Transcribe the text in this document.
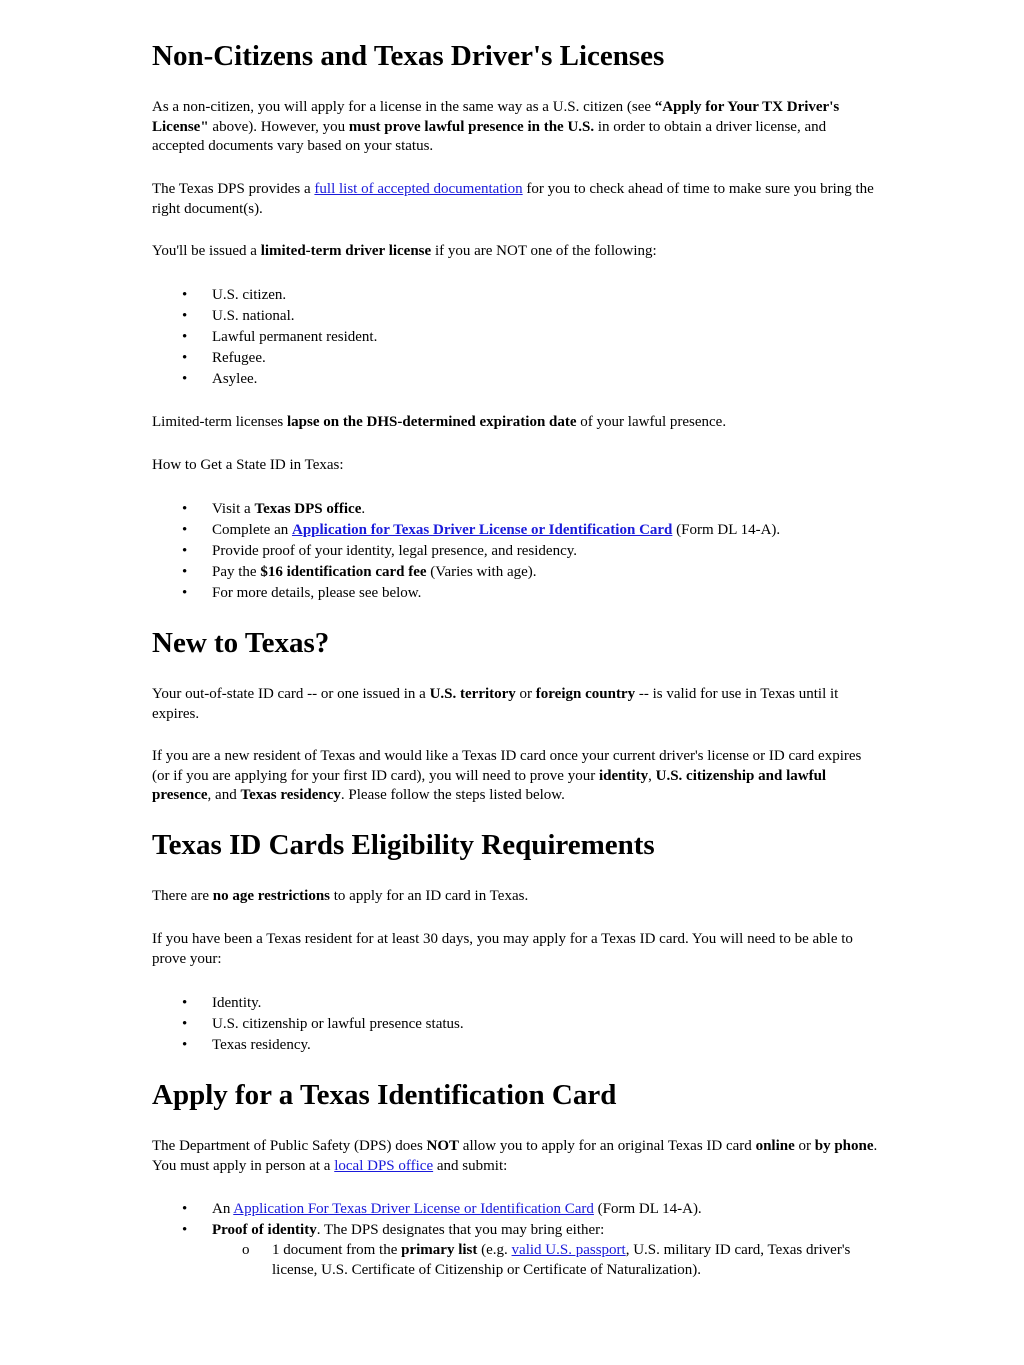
Non-Citizens and Texas Driver's Licenses

As a non-citizen, you will apply for a license in the same way as a U.S. citizen (see “Apply for Your TX Driver's License" above). However, you must prove lawful presence in the U.S. in order to obtain a driver license, and accepted documents vary based on your status.

The Texas DPS provides a full list of accepted documentation for you to check ahead of time to make sure you bring the right document(s).

You'll be issued a limited-term driver license if you are NOT one of the following:

• U.S. citizen.
• U.S. national.
• Lawful permanent resident.
• Refugee.
• Asylee.

Limited-term licenses lapse on the DHS-determined expiration date of your lawful presence.

How to Get a State ID in Texas:

• Visit a Texas DPS office.
• Complete an Application for Texas Driver License or Identification Card (Form DL 14-A).
• Provide proof of your identity, legal presence, and residency.
• Pay the $16 identification card fee (Varies with age).
• For more details, please see below.
New to Texas?

Your out-of-state ID card -- or one issued in a U.S. territory or foreign country -- is valid for use in Texas until it expires.

If you are a new resident of Texas and would like a Texas ID card once your current driver's license or ID card expires (or if you are applying for your first ID card), you will need to prove your identity, U.S. citizenship and lawful presence, and Texas residency. Please follow the steps listed below.

Texas ID Cards Eligibility Requirements

There are no age restrictions to apply for an ID card in Texas.

If you have been a Texas resident for at least 30 days, you may apply for a Texas ID card. You will need to be able to prove your:

• Identity.
• U.S. citizenship or lawful presence status.
• Texas residency.
Apply for a Texas Identification Card

The Department of Public Safety (DPS) does NOT allow you to apply for an original Texas ID card online or by phone. You must apply in person at a local DPS office and submit:

• An Application For Texas Driver License or Identification Card (Form DL 14-A).
• Proof of identity. The DPS designates that you may bring either:
o 1 document from the primary list (e.g. valid U.S. passport, U.S. military ID card, Texas driver's license, U.S. Certificate of Citizenship or Certificate of Naturalization).
